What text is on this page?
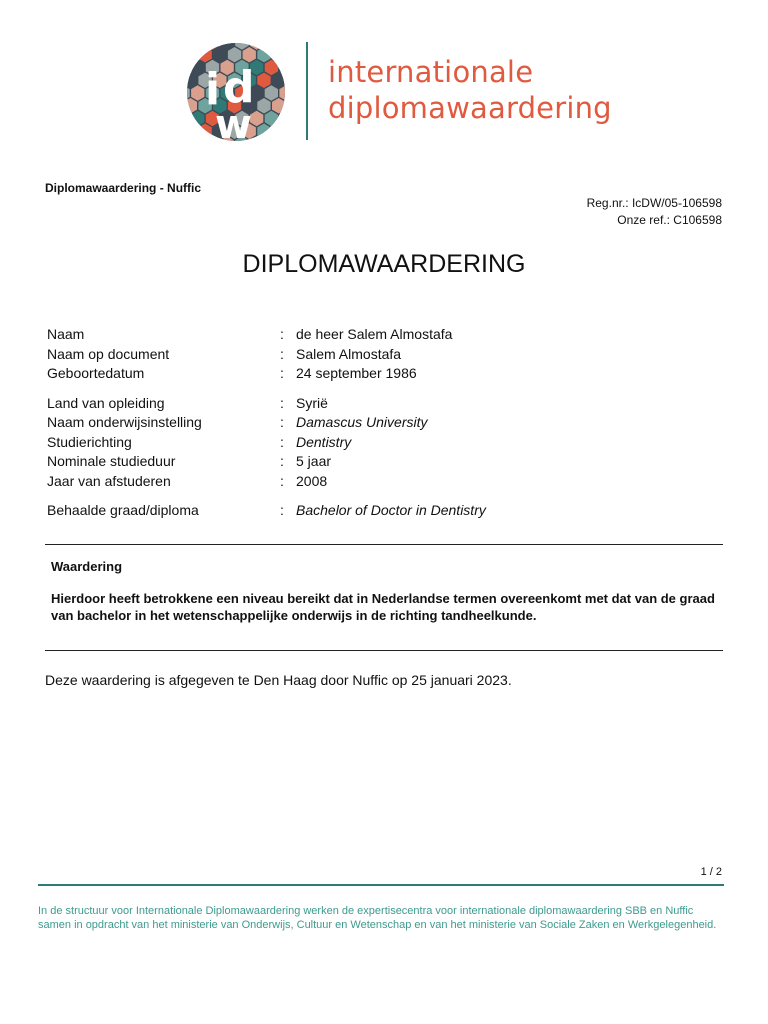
i d
w
internationale
diplomawaardering
Diplomawaardering - Nuffic
Reg.nr.: IcDW/05-106598
Onze ref.: C106598
DIPLOMAWAARDERING
Naam	: de heer Salem Almostafa
Naam op document	: Salem Almostafa
Geboortedatum	: 24 september 1986
Land van opleiding	: Syrië
Naam onderwijsinstelling	: Damascus University
Studierichting	: Dentistry
Nominale studieduur	: 5 jaar
Jaar van afstuderen	: 2008
Behaalde graad/diploma	: Bachelor of Doctor in Dentistry
Waardering
Hierdoor heeft betrokkene een niveau bereikt dat in Nederlandse termen overeenkomt met dat van de graad van bachelor in het wetenschappelijke onderwijs in de richting tandheelkunde.
Deze waardering is afgegeven te Den Haag door Nuffic op 25 januari 2023.
1 / 2
In de structuur voor Internationale Diplomawaardering werken de expertisecentra voor internationale diplomawaardering SBB en Nuffic samen in opdracht van het ministerie van Onderwijs, Cultuur en Wetenschap en van het ministerie van Sociale Zaken en Werkgelegenheid.
